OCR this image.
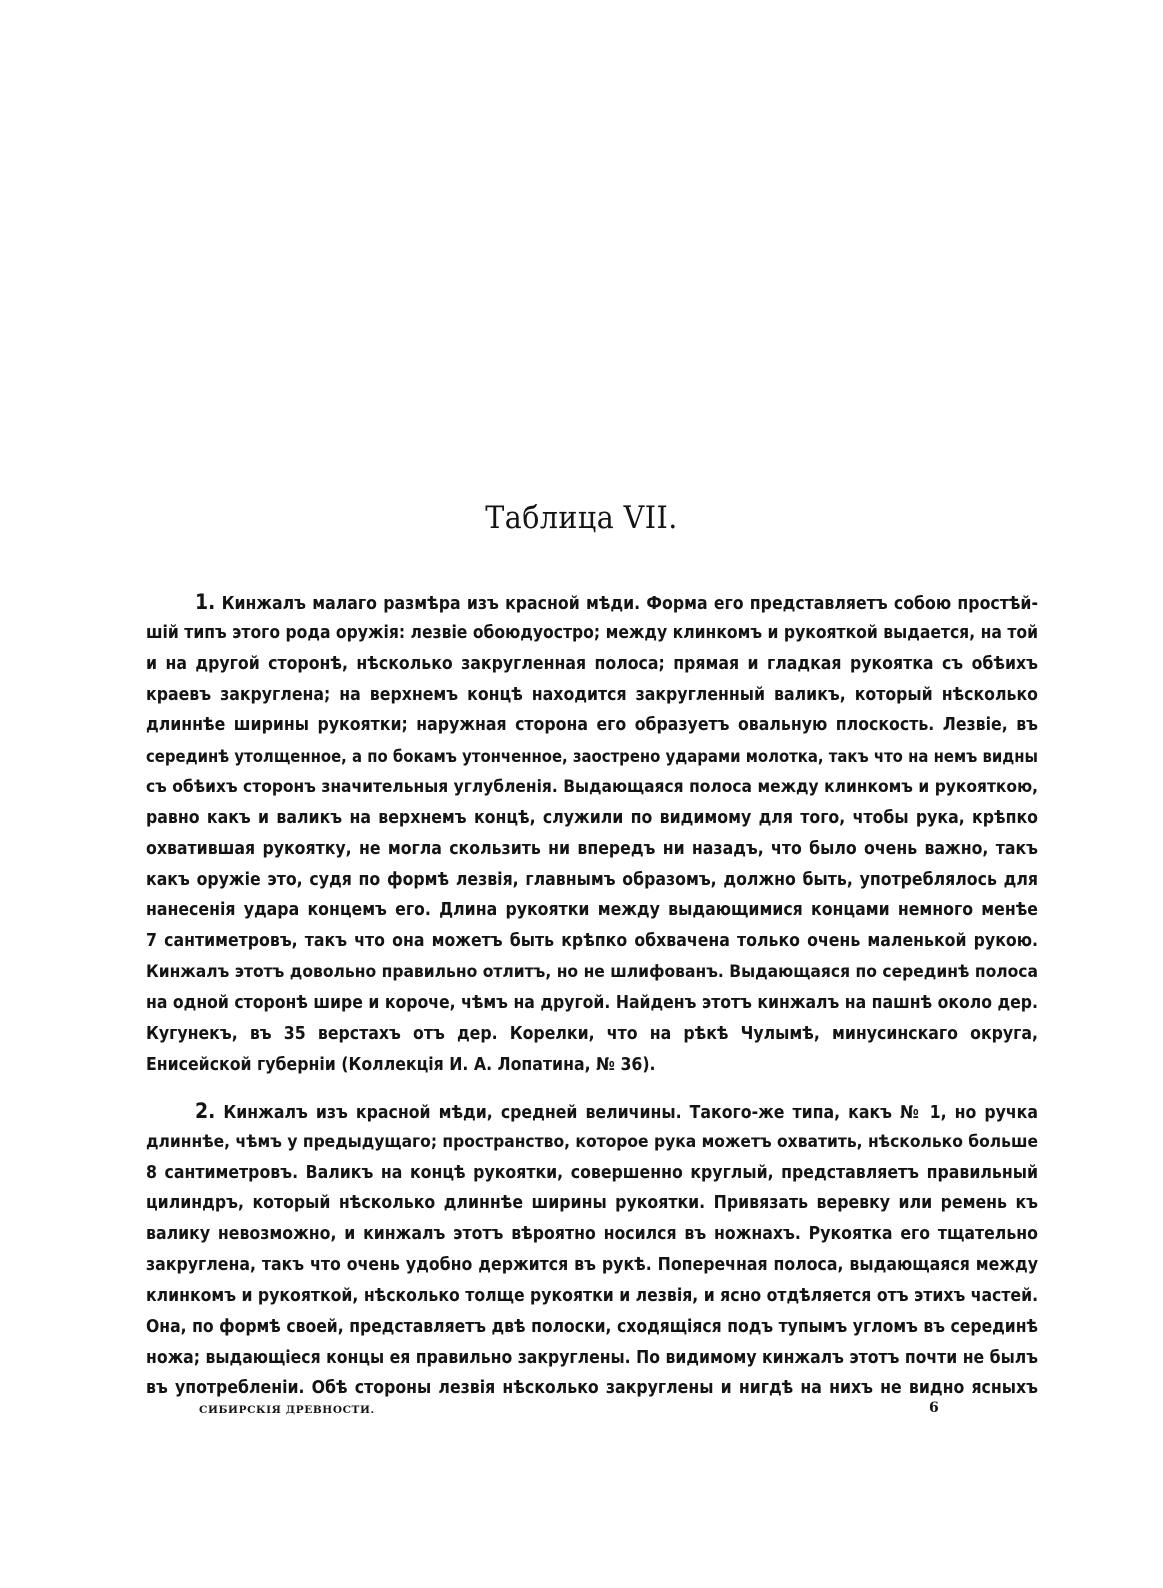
Таблица VII.
1. Кинжалъ малаго размѣра изъ красной мѣди. Форма его представляетъ собою простѣй-
шій типъ этого рода оружія: лезвіе обоюдуостро; между клинкомъ и рукояткой выдается, на той
и на другой сторонѣ, нѣсколько закругленная полоса; прямая и гладкая рукоятка съ обѣихъ
краевъ закруглена; на верхнемъ концѣ находится закругленный валикъ, который нѣсколько
длиннѣе ширины рукоятки; наружная сторона его образуетъ овальную плоскость. Лезвіе, въ
серединѣ утолщенное, а по бокамъ утонченное, заострено ударами молотка, такъ что на немъ видны
съ обѣихъ сторонъ значительныя углубленія. Выдающаяся полоса между клинкомъ и рукояткою,
равно какъ и валикъ на верхнемъ концѣ, служили по видимому для того, чтобы рука, крѣпко
охватившая рукоятку, не могла скользить ни впередъ ни назадъ, что было очень важно, такъ
какъ оружіе это, судя по формѣ лезвія, главнымъ образомъ, должно быть, употреблялось для
нанесенія удара концемъ его. Длина рукоятки между выдающимися концами немного менѣе
7 сантиметровъ, такъ что она можетъ быть крѣпко обхвачена только очень маленькой рукою.
Кинжалъ этотъ довольно правильно отлитъ, но не шлифованъ. Выдающаяся по серединѣ полоса
на одной сторонѣ шире и короче, чѣмъ на другой. Найденъ этотъ кинжалъ на пашнѣ около дер.
Кугунекъ, въ 35 верстахъ отъ дер. Корелки, что на рѣкѣ Чулымѣ, минусинскаго округа,
Енисейской губерніи (Коллекція И. А. Лопатина, № 36).
2. Кинжалъ изъ красной мѣди, средней величины. Такого-же типа, какъ № 1, но ручка
длиннѣе, чѣмъ у предыдущаго; пространство, которое рука можетъ охватить, нѣсколько больше
8 сантиметровъ. Валикъ на концѣ рукоятки, совершенно круглый, представляетъ правильный
цилиндръ, который нѣсколько длиннѣе ширины рукоятки. Привязать веревку или ремень къ
валику невозможно, и кинжалъ этотъ вѣроятно носился въ ножнахъ. Рукоятка его тщательно
закруглена, такъ что очень удобно держится въ рукѣ. Поперечная полоса, выдающаяся между
клинкомъ и рукояткой, нѣсколько толще рукоятки и лезвія, и ясно отдѣляется отъ этихъ частей.
Она, по формѣ своей, представляетъ двѣ полоски, сходящіяся подъ тупымъ угломъ въ серединѣ
ножа; выдающіеся концы ея правильно закруглены. По видимому кинжалъ этотъ почти не былъ
въ употребленіи. Обѣ стороны лезвія нѣсколько закруглены и нигдѣ на нихъ не видно ясныхъ
СИБИРСКІЯ ДРЕВНОСТИ.	6
